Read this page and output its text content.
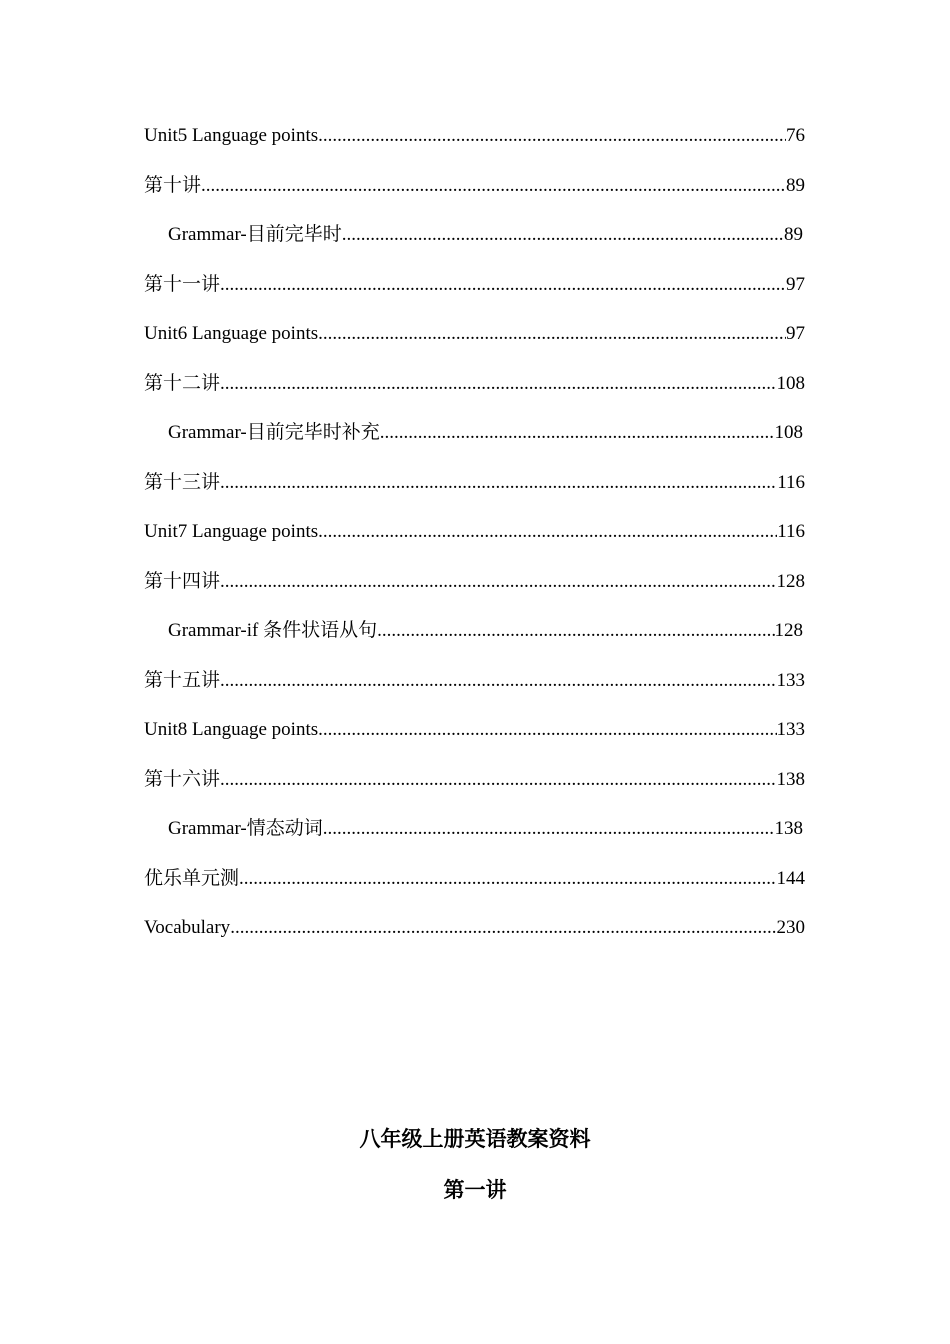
Unit5 Language points .....	76
第十讲 .....	89
Grammar-目前完毕时 .....	89
第十一讲 .....	97
Unit6 Language points .....	97
第十二讲 .....	108
Grammar-目前完毕时补充 .....	108
第十三讲 .....	116
Unit7 Language points .....	116
第十四讲 .....	128
Grammar-if 条件状语从句 .....	128
第十五讲 .....	133
Unit8 Language points .....	133
第十六讲 .....	138
Grammar-情态动词 .....	138
优乐单元测 .....	144
Vocabulary .....	230
八年级上册英语教案资料
第一讲
